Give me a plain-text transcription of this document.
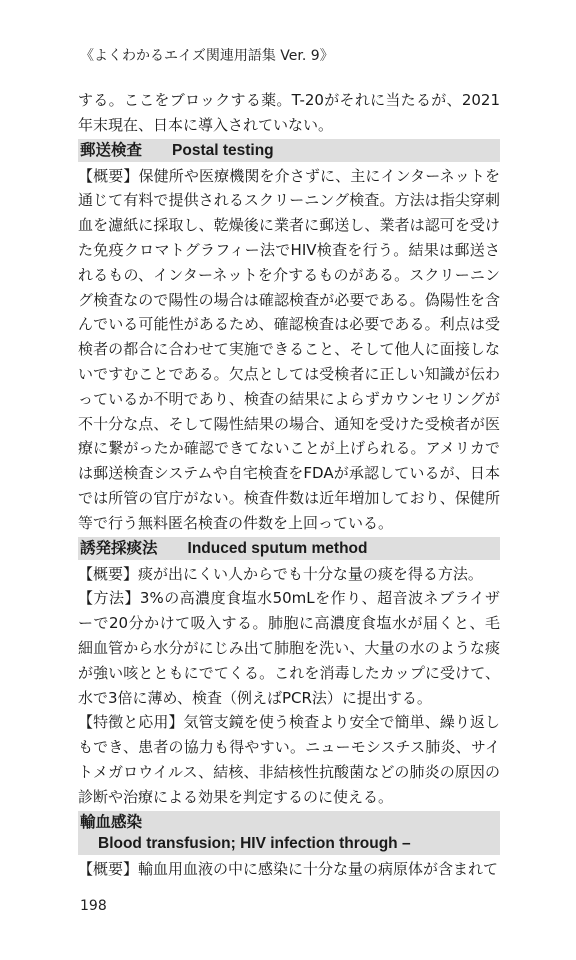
《よくわかるエイズ関連用語集 Ver. 9》

する。ここをブロックする薬。T-20がそれに当たるが、2021年末現在、日本に導入されていない。

郵送検査 Postal testing

【概要】保健所や医療機関を介さずに、主にインターネットを通じて有料で提供されるスクリーニング検査。方法は指尖穿刺血を濾紙に採取し、乾燥後に業者に郵送し、業者は認可を受けた免疫クロマトグラフィー法でHIV検査を行う。結果は郵送されるもの、インターネットを介するものがある。スクリーニング検査なので陽性の場合は確認検査が必要である。偽陽性を含んでいる可能性があるため、確認検査は必要である。利点は受検者の都合に合わせて実施できること、そして他人に面接しないですむことである。欠点としては受検者に正しい知識が伝わっているか不明であり、検査の結果によらずカウンセリングが不十分な点、そして陽性結果の場合、通知を受けた受検者が医療に繋がったか確認できてないことが上げられる。アメリカでは郵送検査システムや自宅検査をFDAが承認しているが、日本では所管の官庁がない。検査件数は近年増加しており、保健所等で行う無料匿名検査の件数を上回っている。

誘発採痰法 Induced sputum method

【概要】痰が出にくい人からでも十分な量の痰を得る方法。

【方法】3%の高濃度食塩水50mLを作り、超音波ネブライザーで20分かけて吸入する。肺胞に高濃度食塩水が届くと、毛細血管から水分がにじみ出て肺胞を洗い、大量の水のような痰が強い咳とともにでてくる。これを消毒したカップに受けて、水で3倍に薄め、検査（例えばPCR法）に提出する。

【特徴と応用】気管支鏡を使う検査より安全で簡単、繰り返しもでき、患者の協力も得やすい。ニューモシスチス肺炎、サイトメガロウイルス、結核、非結核性抗酸菌などの肺炎の原因の診断や治療による効果を判定するのに使える。

輸血感染
Blood transfusion; HIV infection through –

【概要】輸血用血液の中に感染に十分な量の病原体が含まれて

198
